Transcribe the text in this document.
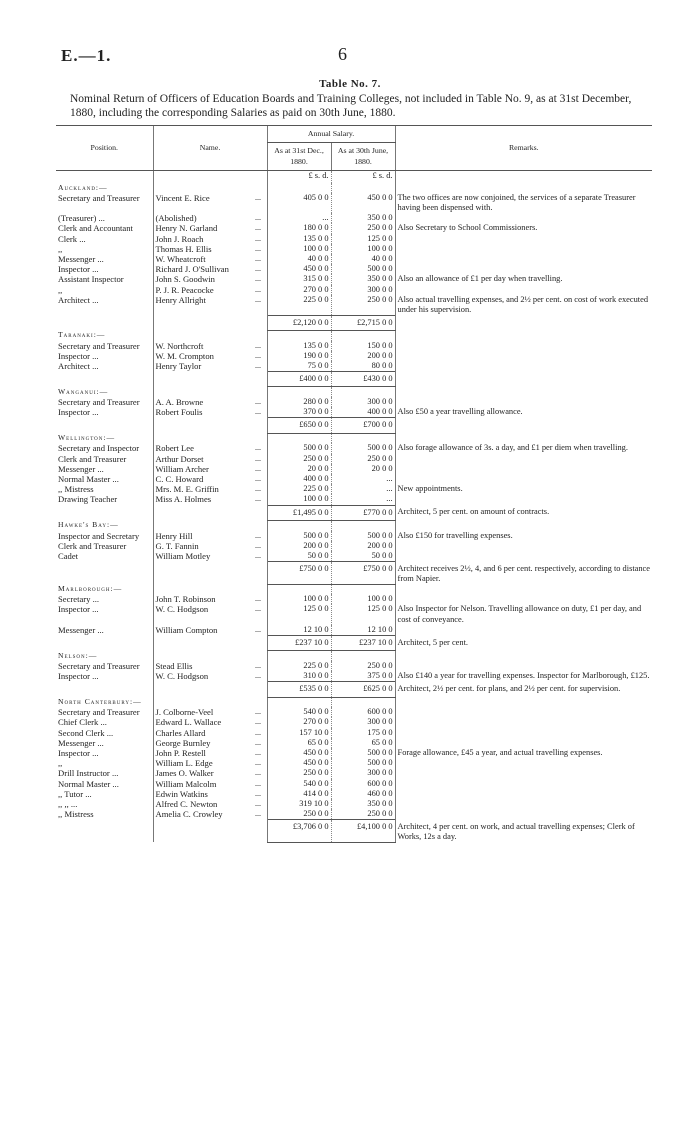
E.—1.	6
Table No. 7.
Nominal Return of Officers of Education Boards and Training Colleges, not included in Table No. 9, as at 31st December, 1880, including the corresponding Salaries as paid on 30th June, 1880.
Position.	Name.		Annual Salary.		Remarks.
			As at 31st Dec., 1880.	As at 30th June, 1880.	
			£ s. d.	£ s. d.	
Auckland:—					
Secretary and Treasurer	Vincent E. Rice	...	405 0 0	450 0 0	The two offices are now conjoined, the services of a separate Treasurer having been dispensed with.
(Treasurer) ...	(Abolished)	...	...	350 0 0	
Clerk and Accountant	Henry N. Garland	...	180 0 0	250 0 0	Also Secretary to School Commissioners.
Clerk ...	John J. Roach	...	135 0 0	125 0 0	
,,	Thomas H. Ellis	...	100 0 0	100 0 0	
Messenger ...	W. Wheatcroft	...	40 0 0	40 0 0	
Inspector ...	Richard J. O'Sullivan	...	450 0 0	500 0 0	
Assistant Inspector	John S. Goodwin	...	315 0 0	350 0 0	Also an allowance of £1 per day when travelling.
,,	P. J. R. Peacocke	...	270 0 0	300 0 0	
Architect ...	Henry Allright	...	225 0 0	250 0 0	Also actual travelling expenses, and 2½ per cent. on cost of work executed under his supervision.
			£2,120 0 0	£2,715 0 0	
Taranaki:—					
Secretary and Treasurer	W. Northcroft	...	135 0 0	150 0 0	
Inspector ...	W. M. Crompton	...	190 0 0	200 0 0	
Architect ...	Henry Taylor	...	75 0 0	80 0 0	
			£400 0 0	£430 0 0	
Wanganui:—					
Secretary and Treasurer	A. A. Browne	...	280 0 0	300 0 0	
Inspector ...	Robert Foulis	...	370 0 0	400 0 0	Also £50 a year travelling allowance.
			£650 0 0	£700 0 0	
Wellington:—					
Secretary and Inspector	Robert Lee	...	500 0 0	500 0 0	Also forage allowance of 3s. a day, and £1 per diem when travelling.
Clerk and Treasurer	Arthur Dorset	...	250 0 0	250 0 0	
Messenger ...	William Archer	...	20 0 0	20 0 0	
Normal Master ...	C. C. Howard	...	400 0 0	...	
,, Mistress	Mrs. M. E. Griffin	...	225 0 0	...	New appointments.
Drawing Teacher	Miss A. Holmes	...	100 0 0	...	
			£1,495 0 0	£770 0 0	Architect, 5 per cent. on amount of contracts.
Hawke's Bay:—					
Inspector and Secretary	Henry Hill	...	500 0 0	500 0 0	Also £150 for travelling expenses.
Clerk and Treasurer	G. T. Fannin	...	200 0 0	200 0 0	
Cadet	William Motley	...	50 0 0	50 0 0	
			£750 0 0	£750 0 0	Architect receives 2½, 4, and 6 per cent. respectively, according to distance from Napier.
Marlborough:—					
Secretary ...	John T. Robinson	...	100 0 0	100 0 0	
Inspector ...	W. C. Hodgson	...	125 0 0	125 0 0	Also Inspector for Nelson. Travelling allowance on duty, £1 per day, and cost of conveyance.
Messenger ...	William Compton	...	12 10 0	12 10 0	
			£237 10 0	£237 10 0	Architect, 5 per cent.
Nelson:—					
Secretary and Treasurer	Stead Ellis	...	225 0 0	250 0 0	
Inspector ...	W. C. Hodgson	...	310 0 0	375 0 0	Also £140 a year for travelling expenses. Inspector for Marlborough, £125.
			£535 0 0	£625 0 0	Architect, 2½ per cent. for plans, and 2½ per cent. for supervision.
North Canterbury:—					
Secretary and Treasurer	J. Colborne-Veel	...	540 0 0	600 0 0	
Chief Clerk ...	Edward L. Wallace	...	270 0 0	300 0 0	
Second Clerk ...	Charles Allard	...	157 10 0	175 0 0	
Messenger ...	George Burnley	...	65 0 0	65 0 0	
Inspector ...	John P. Restell	...	450 0 0	500 0 0	Forage allowance, £45 a year, and actual travelling expenses.
,,	William L. Edge	...	450 0 0	500 0 0	
Drill Instructor ...	James O. Walker	...	250 0 0	300 0 0	
Normal Master ...	William Malcolm	...	540 0 0	600 0 0	
,, Tutor ...	Edwin Watkins	...	414 0 0	460 0 0	
,, ,, ...	Alfred C. Newton	...	319 10 0	350 0 0	
,, Mistress	Amelia C. Crowley	...	250 0 0	250 0 0	
			£3,706 0 0	£4,100 0 0	Architect, 4 per cent. on work, and actual travelling expenses; Clerk of Works, 12s a day.
